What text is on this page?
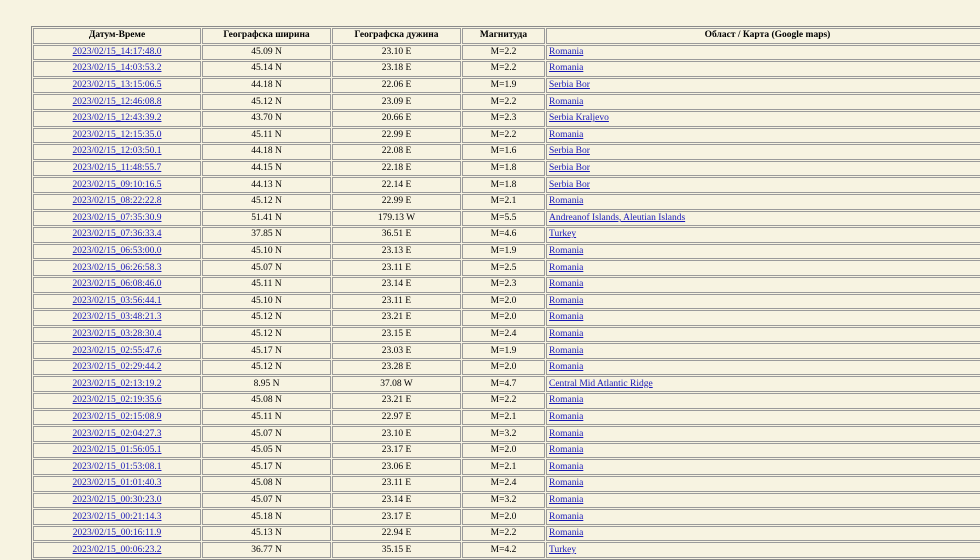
Датум-Време	Географска ширина	Географска дужина	Магнитуда	Област / Карта (Google maps)
2023/02/15_14:17:48.0	45.09 N	23.10 E	M=2.2	Romania
2023/02/15_14:03:53.2	45.14 N	23.18 E	M=2.2	Romania
2023/02/15_13:15:06.5	44.18 N	22.06 E	M=1.9	Serbia Bor
2023/02/15_12:46:08.8	45.12 N	23.09 E	M=2.2	Romania
2023/02/15_12:43:39.2	43.70 N	20.66 E	M=2.3	Serbia Kraljevo
2023/02/15_12:15:35.0	45.11 N	22.99 E	M=2.2	Romania
2023/02/15_12:03:50.1	44.18 N	22.08 E	M=1.6	Serbia Bor
2023/02/15_11:48:55.7	44.15 N	22.18 E	M=1.8	Serbia Bor
2023/02/15_09:10:16.5	44.13 N	22.14 E	M=1.8	Serbia Bor
2023/02/15_08:22:22.8	45.12 N	22.99 E	M=2.1	Romania
2023/02/15_07:35:30.9	51.41 N	179.13 W	M=5.5	Andreanof Islands, Aleutian Islands
2023/02/15_07:36:33.4	37.85 N	36.51 E	M=4.6	Turkey
2023/02/15_06:53:00.0	45.10 N	23.13 E	M=1.9	Romania
2023/02/15_06:26:58.3	45.07 N	23.11 E	M=2.5	Romania
2023/02/15_06:08:46.0	45.11 N	23.14 E	M=2.3	Romania
2023/02/15_03:56:44.1	45.10 N	23.11 E	M=2.0	Romania
2023/02/15_03:48:21.3	45.12 N	23.21 E	M=2.0	Romania
2023/02/15_03:28:30.4	45.12 N	23.15 E	M=2.4	Romania
2023/02/15_02:55:47.6	45.17 N	23.03 E	M=1.9	Romania
2023/02/15_02:29:44.2	45.12 N	23.28 E	M=2.0	Romania
2023/02/15_02:13:19.2	8.95 N	37.08 W	M=4.7	Central Mid Atlantic Ridge
2023/02/15_02:19:35.6	45.08 N	23.21 E	M=2.2	Romania
2023/02/15_02:15:08.9	45.11 N	22.97 E	M=2.1	Romania
2023/02/15_02:04:27.3	45.07 N	23.10 E	M=3.2	Romania
2023/02/15_01:56:05.1	45.05 N	23.17 E	M=2.0	Romania
2023/02/15_01:53:08.1	45.17 N	23.06 E	M=2.1	Romania
2023/02/15_01:01:40.3	45.08 N	23.11 E	M=2.4	Romania
2023/02/15_00:30:23.0	45.07 N	23.14 E	M=3.2	Romania
2023/02/15_00:21:14.3	45.18 N	23.17 E	M=2.0	Romania
2023/02/15_00:16:11.9	45.13 N	22.94 E	M=2.2	Romania
2023/02/15_00:06:23.2	36.77 N	35.15 E	M=4.2	Turkey
